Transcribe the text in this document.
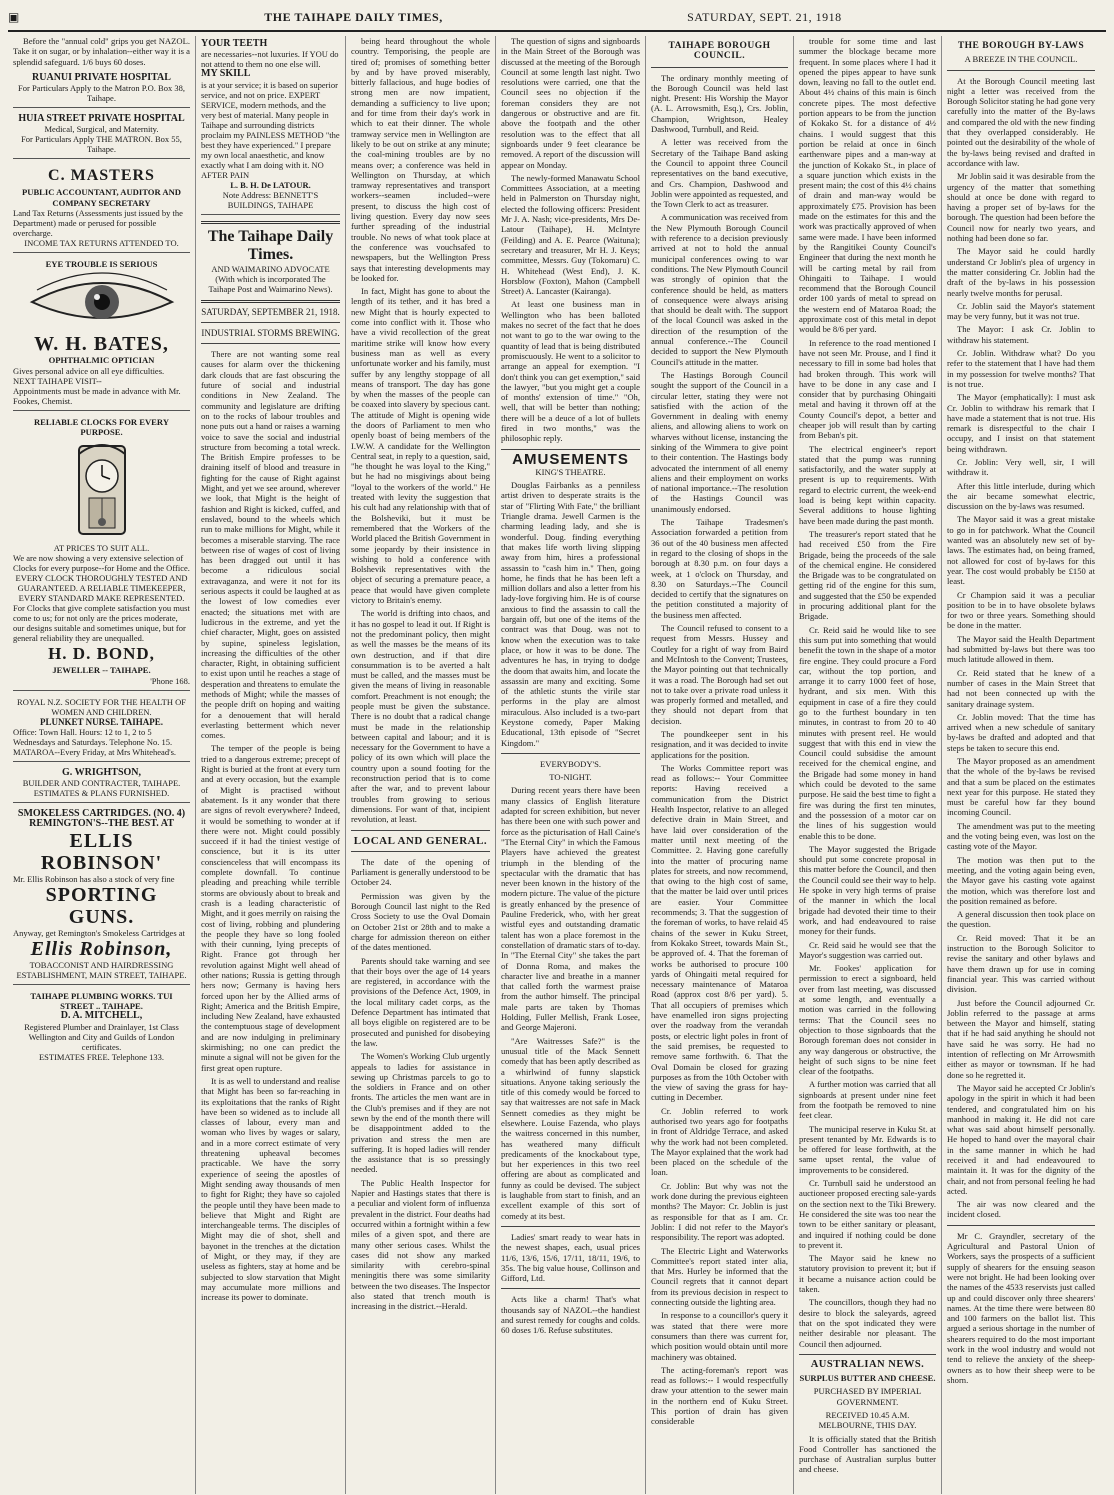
▣	THE TAIHAPE DAILY TIMES,	SATURDAY, SEPT. 21, 1918

Before the "annual cold" grips you get NAZOL. Take it on sugar, or by inhalation--either way it is a splendid safeguard. 1/6 buys 60 doses.

RUANUI PRIVATE HOSPITAL
For Particulars Apply to the Matron P.O. Box 38, Taihape.
HUIA STREET PRIVATE HOSPITAL
Medical, Surgical, and Maternity.
For Particulars Apply THE MATRON. Box 55, Taihape.
C. MASTERS
PUBLIC ACCOUNTANT, AUDITOR AND COMPANY SECRETARY
Land Tax Returns (Assessments just issued by the Department) made or perused for possible overcharge.
INCOME TAX RETURNS ATTENDED TO.
EYE TROUBLE IS SERIOUS
W. H. BATES,
OPHTHALMIC OPTICIAN
Gives personal advice on all eye difficulties.
NEXT TAIHAPE VISIT--
Appointments must be made in advance with Mr. Fookes, Chemist.
RELIABLE CLOCKS FOR EVERY PURPOSE.
AT PRICES TO SUIT ALL.
We are now showing a very extensive selection of Clocks for every purpose--for Home and the Office.
EVERY CLOCK THOROUGHLY TESTED AND GUARANTEED. A RELIABLE TIMEKEEPER, EVERY STANDARD MAKE REPRESENTED.
For Clocks that give complete satisfaction you must come to us; for not only are the prices moderate, our designs suitable and sometimes unique, but for general reliability they are unequalled.
H. D. BOND,
JEWELLER -- TAIHAPE.
'Phone 168.
ROYAL N.Z. SOCIETY FOR THE HEALTH OF WOMEN AND CHILDREN.
PLUNKET NURSE. TAIHAPE.
Office: Town Hall. Hours: 12 to 1, 2 to 5 Wednesdays and Saturdays. Telephone No. 15.
MATAROA--Every Friday, at Mrs Whitehead's.
G. WRIGHTSON,
BUILDER AND CONTRACTER, TAIHAPE.
ESTIMATES & PLANS FURNISHED.
SMOKELESS CARTRIDGES. (NO. 4)
REMINGTON'S--THE BEST. AT
ELLIS ROBINSON'
Mr. Ellis Robinson has also a stock of very fine
SPORTING GUNS.
Anyway, get Remington's Smokeless Cartridges at
Ellis Robinson,
TOBACCONIST AND HAIRDRESSING ESTABLISHMENT, MAIN STREET, TAIHAPE.
TAIHAPE PLUMBING WORKS. TUI STREET .. TAIHAPE.
D. A. MITCHELL,
Registered Plumber and Drainlayer, 1st Class Wellington and City and Guilds of London certificates.
ESTIMATES FREE. Telephone 133.
YOUR TEETH
are necessaries--not luxuries. If YOU do not attend to them no one else will.
MY SKILL
is at your service; it is based on superior service, and not on price. EXPERT SERVICE, modern methods, and the very best of material. Many people in Taihape and surrounding districts proclaim my PAINLESS METHOD "the best they have experienced." I prepare my own local anaesthetic, and know exactly what I am doing with it. NO AFTER PAIN
L. B. H. De LATOUR.
Note Address: BENNETT'S BUILDINGS, TAIHAPE
The Taihape Daily Times.
AND WAIMARINO ADVOCATE (With which is incorporated The Taihape Post and Waimarino News).
SATURDAY, SEPTEMBER 21, 1918.
INDUSTRIAL STORMS BREWING.

There are not wanting some real causes for alarm over the thickening dark clouds that are fast obscuring the future of social and industrial conditions in New Zealand. The community and legislature are drifting on to the rocks of labour troubles and none puts out a hand or raises a warning voice to save the social and industrial structure from becoming a total wreck. The British Empire professes to be draining itself of blood and treasure in fighting for the cause of Right against Might, and yet we see around, wherever we look, that Might is the height of fashion and Right is kicked, cuffed, and enslaved, bound to the wheels which run to make millions for Might, while it becomes a miserable starving. The race between rise of wages of cost of living has been dragged out until it has become a ridiculous social extravaganza, and were it not for its serious aspects it could be laughed at as the lowest of low comedies ever enacted; the situations met with are ludicrous in the extreme, and yet the chief character, Might, goes on assisted by supine, spineless legislation, increasing the difficulties of the other character, Right, in obtaining sufficient to exist upon until he reaches a stage of desperation and threatens to emulate the methods of Might; while the masses of the people drift on hoping and waiting for a denouement that will herald everlasting betterment which never comes.

The temper of the people is being tried to a dangerous extreme; precept of Right is buried at the front at every turn and at every occasion, but the example of Might is practised without abatement. Is it any wonder that there are signs of revolt everywhere? Indeed, it would be something to wonder at if there were not. Might could possibly succeed if it had the tiniest vestige of conscience, but it is its utter conscienceless that will encompass its complete downfall. To continue pleading and preaching while terrible storms are obviously about to break and crash is a leading characteristic of Might, and it goes merrily on raising the cost of living, robbing and plundering the people they have so long fooled with their cunning, lying precepts of Right. France got through her revolution against Might well ahead of other nations; Russia is getting through hers now; Germany is having hers forced upon her by the Allied arms of Right; America and the British Empire, including New Zealand, have exhausted the contemptuous stage of development and are now indulging in preliminary skirmishing; no one can predict the minute a signal will not be given for the first great open rupture.

It is as well to understand and realise that Might has been so far-reaching in its exploitations that the ranks of Right have been so widened as to include all classes of labour, every man and woman who lives by wages or salary, and in a more correct estimate of very threatening upheaval becomes practicable. We have the sorry experience of seeing the apostles of Might sending away thousands of men to fight for Right; they have so cajoled the people until they have been made to believe that Might and Right are interchangeable terms. The disciples of Might may die of shot, shell and bayonet in the trenches at the dictation of Might, or they may, if they are useless as fighters, stay at home and be subjected to slow starvation that Might may accumulate more millions and increase its power to dominate.

being heard throughout the whole country. Temporising, the people are tired of; promises of something better by and by have proved miserably, bitterly fallacious, and huge bodies of strong men are now impatient, demanding a sufficiency to live upon; and for time from their day's work in which to eat their dinner. The whole tramway service men in Wellington are likely to be out on strike at any minute; the coal-mining troubles are by no means over; a conference was held in Wellington on Thursday, at which tramway representatives and transport workers--seamen included--were present, to discuss the high cost of living question. Every day now sees further spreading of the industrial trouble. No news of what took place at the conference was vouchsafed to newspapers, but the Wellington Press says that interesting developments may be looked for.

In fact, Might has gone to about the length of its tether, and it has bred a new Might that is hourly expected to come into conflict with it. Those who have a vivid recollection of the great maritime strike will know how every business man as well as every unfortunate worker and his family, must suffer by any lengthy stoppage of all means of transport. The day has gone by when the masses of the people can be coaxed into slavery by specious cant. The attitude of Might is opening wide the doors of Parliament to men who openly boast of being members of the I.W.W. A candidate for the Wellington Central seat, in reply to a question, said, "he thought he was loyal to the King," but he had no misgivings about being "loyal to the workers of the world." He treated with levity the suggestion that his cult had any relationship with that of the Bolsheviki, but it must be remembered that the Workers of the World placed the British Government in some jeopardy by their insistence in wishing to hold a conference with Bolshevik representatives with the object of securing a premature peace, a peace that would have given complete victory to Britain's enemy.

The world is drifting into chaos, and it has no gospel to lead it out. If Right is not the predominant policy, then might as well the masses be the means of its own destruction, and if that dire consummation is to be averted a halt must be called, and the masses must be given the means of living in reasonable comfort. Preachment is not enough; the people must be given the substance. There is no doubt that a radical change must be made in the relationship between capital and labour; and it is necessary for the Government to have a policy of its own which will place the country upon a sound footing for the reconstruction period that is to come after the war, and to prevent labour troubles from growing to serious dimensions. For want of that, incipient revolution, at least.

LOCAL AND GENERAL.

The date of the opening of Parliament is generally understood to be October 24.

Permission was given by the Borough Council last night to the Red Cross Society to use the Oval Domain on October 21st or 28th and to make a charge for admission thereon on either of the dates mentioned.

Parents should take warning and see that their boys over the age of 14 years are registered, in accordance with the provisions of the Defence Act, 1909, in the local military cadet corps, as the Defence Department has intimated that all boys eligible on registered are to be prosecuted and punished for disobeying the law.

The Women's Working Club urgently appeals to ladies for assistance in sewing up Christmas parcels to go to the soldiers in France and on other fronts. The articles the men want are in the Club's premises and if they are not sewn by the end of the month there will be disappointment added to the privation and stress the men are suffering. It is hoped ladies will render the assistance that is so pressingly needed.

The Public Health Inspector for Napier and Hastings states that there is a peculiar and violent form of influenza prevalent in the district. Four deaths had occurred within a fortnight within a few miles of a given spot, and there are many other serious cases. Whilst the cases did not show any marked similarity with cerebro-spinal meningitis there was some similarity between the two diseases. The Inspector also stated that trench mouth is increasing in the district.--Herald.

The question of signs and signboards in the Main Street of the Borough was discussed at the meeting of the Borough Council at some length last night. Two resolutions were carried, one that the Council sees no objection if the foreman considers they are not dangerous or obstructive and are fit. above the footpath and the other resolution was to the effect that all signboards under 9 feet clearance be removed. A report of the discussion will appear on Monday.

The newly-formed Manawatu School Committees Association, at a meeting held in Palmerston on Thursday night, elected the following officers: President Mr J. A. Nash; vice-presidents, Mrs De-Latour (Taihape), H. McIntyre (Feilding) and A. E. Pearce (Waituna); secretary and treasurer, Mr H. J. Keys; committee, Messrs. Guy (Tokomaru) C. H. Whitehead (West End), J. K. Horsblow (Foxton), Mahon (Campbell Street) A. Lancaster (Kairanga).

At least one business man in Wellington who has been balloted makes no secret of the fact that he does not want to go to the war owing to the quantity of lead that is being distributed promiscuously. He went to a solicitor to arrange an appeal for exemption. "I don't think you can get exemption," said the lawyer, "but you might get a couple of months' extension of time." "Oh, well, that will be better than nothing; there will be a deuce of a lot of bullets fired in two months," was the philosophic reply.

AMUSEMENTS
KING'S THEATRE.

Douglas Fairbanks as a penniless artist driven to desperate straits is the star of "Flirting With Fate," the brilliant Triangle drama. Jewell Carmen is the charming leading lady, and she is wonderful. Doug. finding everything that makes life worth living slipping away from him, hires a professional assassin to "cash him in." Then, going home, he finds that he has been left a million dollars and also a letter from his lady-love forgiving him. He is of course anxious to find the assassin to call the bargain off, but one of the items of the contract was that Doug. was not to know when the execution was to take place, or how it was to be done. The adventures he has, in trying to dodge the doom that awaits him, and locate the assassin are many and exciting. Some of the athletic stunts the virile star performs in the play are almost miraculous. Also included is a two-part Keystone comedy, Paper Making Educational, 13th episode of "Secret Kingdom."

EVERYBODY'S.
TO-NIGHT.

During recent years there have been many classics of English literature adapted for screen exhibition, but never has there been one with such power and force as the picturisation of Hall Caine's "The Eternal City" in which the Famous Players have achieved the greatest triumph in the blending of the spectacular with the dramatic that has never been known in the history of the modern picture. The value of the picture is greatly enhanced by the presence of Pauline Frederick, who, with her great wistful eyes and outstanding dramatic talent has won a place foremost in the constellation of dramatic stars of to-day. In "The Eternal City" she takes the part of Donna Roma, and makes the character live and breathe in a manner that called forth the warmest praise from the author himself. The principal male parts are taken by Thomas Holding, Fuller Mellish, Frank Losee, and George Majeroni.

"Are Waitresses Safe?" is the unusual title of the Mack Sennett comedy that has been aptly described as a whirlwind of funny slapstick situations. Anyone taking seriously the title of this comedy would be forced to say that waitresses are not safe in Mack Sennett comedies as they might be elsewhere. Louise Fazenda, who plays the waitress concerned in this number, has weathered many difficult predicaments of the knockabout type, but her experiences in this two reel offering are about as complicated and funny as could be devised. The subject is laughable from start to finish, and an excellent example of this sort of comedy at its best.

Ladies' smart ready to wear hats in the newest shapes, each, usual prices 11/6, 13/6, 15/6, 17/11, 18/11, 19/6, to 35s. The big value house, Collinson and Gifford, Ltd.

Acts like a charm! That's what thousands say of NAZOL--the handiest and surest remedy for coughs and colds. 60 doses 1/6. Refuse substitutes.

TAIHAPE BOROUGH COUNCIL.

The ordinary monthly meeting of the Borough Council was held last night. Present: His Worship the Mayor (A. L. Arrowsmith, Esq.), Crs. Joblin, Champion, Wrightson, Healey Dashwood, Turnbull, and Reid.

A letter was received from the Secretary of the Taihape Band asking the Council to appoint three Council representatives on the band executive, and Crs. Champion, Dashwood and Joblin were appointed as requested, and the Town Clerk to act as treasurer.

A communication was received from the New Plymouth Borough Council with reference to a decision previously arrived at not to hold the annual municipal conferences owing to war conditions. The New Plymouth Council was strongly of opinion that the conference should be held, as matters of consequence were always arising that should be dealt with. The support of the local Council was asked in the direction of the resumption of the annual conference.--The Council decided to support the New Plymouth Council's attitude in the matter.

The Hastings Borough Council sought the support of the Council in a circular letter, stating they were not satisfied with the action of the Government in dealing with enemy aliens, and allowing aliens to work on wharves without license, instancing the sinking of the Wimmera to give point to their contention. The Hastings body advocated the internment of all enemy aliens and their employment on works of national importance.--The resolution of the Hastings Council was unanimously endorsed.

The Taihape Tradesmen's Association forwarded a petition from 36 out of the 40 business men affected in regard to the closing of shops in the borough at 8.30 p.m. on four days a week, at 1 o'clock on Thursday, and 8.30 on Saturdays.--The Council decided to certify that the signatures on the petition constituted a majority of the business men affected.

The Council refused to consent to a request from Messrs. Hussey and Coutley for a right of way from Baird and McIntosh to the Convent; Trustees, the Mayor pointing out that technically it was a road. The Borough had set out not to take over a private road unless it was properly formed and metalled, and they should not depart from that decision.

The poundkeeper sent in his resignation, and it was decided to invite applications for the position.

The Works Committee report was read as follows:-- Your Committee reports: Having received a communication from the District Health Inspector, relative to an alleged defective drain in Main Street, and have laid over consideration of the matter until next meeting of the Committee. 2. Having gone carefully into the matter of procuring name plates for streets, and now recommend, that owing to the high cost of same, that the matter be laid over until prices are easier. Your Committee recommends; 3. That the suggestion of the foreman of works, to have relaid 45 chains of the sewer in Kuku Street, from Kokako Street, towards Main St., be approved of. 4. That the foreman of works be authorised to procure 100 yards of Ohingaiti metal required for necessary maintenance of Mataroa Road (approx cost 8/6 per yard). 5. That all occupiers of premises which have enamelled iron signs projecting over the roadway from the verandah posts, or electric light poles in front of the said premises, be requested to remove same forthwith. 6. That the Oval Domain be closed for grazing purposes as from the 10th October with the view of saving the grass for hay-cutting in December.

Cr. Joblin referred to work authorised two years ago for footpaths in front of Aldridge Terrace, and asked why the work had not been completed. The Mayor explained that the work had been placed on the schedule of the loan.

Cr. Joblin: But why was not the work done during the previous eighteen months? The Mayor: Cr. Joblin is just as responsible for that as I am. Cr. Joblin: I did not refer to the Mayor's responsibility. The report was adopted.

The Electric Light and Waterworks Committee's report stated inter alia, that Mrs. Hurley be informed that the Council regrets that it cannot depart from its previous decision in respect to connecting outside the lighting area.

In response to a councillor's query it was stated that there were more consumers than there was current for, which position would obtain until more machinery was obtained.

The acting-foreman's report was read as follows:-- I would respectfully draw your attention to the sewer main in the northern end of Kuku Street. This portion of drain has given considerable

trouble for some time and last summer the blockage became more frequent. In some places where I had it opened the pipes appear to have sunk down, leaving no fall to the outlet end. About 4½ chains of this main is 6inch concrete pipes. The most defective portion appears to be from the junction of Kokako St. for a distance of 4½ chains. I would suggest that this portion be relaid at once in 6inch earthenware pipes and a man-way at the junction of Kokako St., in place of a square junction which exists in the present main; the cost of this 4½ chains of drain and man-way would be approximately £75. Provision has been made on the estimates for this and the work was practically approved of when same were made. I have been informed by the Rangitikei County Council's Engineer that during the next month he will be carting metal by rail from Ohingaiti to Taihape. I would recommend that the Borough Council order 100 yards of metal to spread on the western end of Mataroa Road; the approximate cost of this metal in depot would be 8/6 per yard.

In reference to the road mentioned I have not seen Mr. Prouse, and I find it necessary to fill in some bad holes that had broken through. This work will have to be done in any case and I consider that by purchasing Ohingaiti metal and having it thrown off at the County Council's depot, a better and cheaper job will result than by carting from Beban's pit.

The electrical engineer's report stated that the pump was running satisfactorily, and the water supply at present is up to requirements. With regard to electric current, the week-end load is being kept within capacity. Several additions to house lighting have been made during the past month.

The treasurer's report stated that he had received £50 from the Fire Brigade, being the proceeds of the sale of the chemical engine. He considered the Brigade was to be congratulated on getting rid of the engine for this sum, and suggested that the £50 be expended in procuring additional plant for the Brigade.

Cr. Reid said he would like to see this sum put into something that would benefit the town in the shape of a motor fire engine. They could procure a Ford car, without the top portion, and arrange it to carry 1000 feet of hose, hydrant, and six men. With this equipment in case of a fire they could go to the furthest boundary in ten minutes, in contrast to from 20 to 40 minutes with present reel. He would suggest that with this end in view the Council could subsidise the amount received for the chemical engine, and the Brigade had some money in hand which could be devoted to the same purpose. He said the best time to fight a fire was during the first ten minutes, and the possession of a motor car on the lines of his suggestion would enable this to be done.

The Mayor suggested the Brigade should put some concrete proposal in this matter before the Council, and then the Council could see their way to help. He spoke in very high terms of praise of the manner in which the local brigade had devoted their time to their work, and had endeavoured to raise money for their funds.

Cr. Reid said he would see that the Mayor's suggestion was carried out.

Mr. Fookes' application for permission to erect a signboard, held over from last meeting, was discussed at some length, and eventually a motion was carried in the following terms: That the Council sees no objection to those signboards that the Borough foreman does not consider in any way dangerous or obstructive, the height of such signs to be nine feet clear of the footpaths.

A further motion was carried that all signboards at present under nine feet from the footpath be removed to nine feet clear.

The municipal reserve in Kuku St. at present tenanted by Mr. Edwards is to be offered for lease forthwith, at the same upset rental, the value of improvements to be considered.

Cr. Turnbull said he understood an auctioneer proposed erecting sale-yards on the section next to the Tiki Brewery. He considered the site was too near the town to be either sanitary or pleasant, and inquired if nothing could be done to prevent it.

The Mayor said he knew no statutory provision to prevent it; but if it became a nuisance action could be taken.

The councillors, though they had no desire to block the saleyards, agreed that on the spot indicated they were neither desirable nor pleasant. The Council then adjourned.

AUSTRALIAN NEWS.
SURPLUS BUTTER AND CHEESE.
PURCHASED BY IMPERIAL GOVERNMENT.
RECEIVED 10.45 A.M. MELBOURNE, THIS DAY.

It is officially stated that the British Food Controller has sanctioned the purchase of Australian surplus butter and cheese.

THE BOROUGH BY-LAWS
A BREEZE IN THE COUNCIL.

At the Borough Council meeting last night a letter was received from the Borough Solicitor stating he had gone very carefully into the matter of the By-laws and compared the old with the new finding that they overlapped considerably. He pointed out the desirability of the whole of the by-laws being revised and drafted in accordance with law.

Mr Joblin said it was desirable from the urgency of the matter that something should at once be done with regard to having a proper set of by-laws for the borough. The question had been before the Council now for nearly two years, and nothing had been done so far.

The Mayor said he could hardly understand Cr Joblin's plea of urgency in the matter considering Cr. Joblin had the draft of the by-laws in his possession nearly twelve months for perusal.

Cr. Joblin said the Mayor's statement may be very funny, but it was not true.

The Mayor: I ask Cr. Joblin to withdraw his statement.

Cr. Joblin. Withdraw what? Do you refer to the statement that I have had them in my possession for twelve months? That is not true.

The Mayor (emphatically): I must ask Cr. Joblin to withdraw his remark that I have made a statement that is not true. His remark is disrespectful to the chair I occupy, and I insist on that statement being withdrawn.

Cr. Joblin: Very well, sir, I will withdraw it.

After this little interlude, during which the air became somewhat electric, discussion on the by-laws was resumed.

The Mayor said it was a great mistake to go in for patchwork. What the Council wanted was an absolutely new set of by-laws. The estimates had, on being framed, not allowed for cost of by-laws for this year. The cost would probably be £150 at least.

Cr Champion said it was a peculiar position to be in to have obsolete bylaws for two or three years. Something should be done in the matter.

The Mayor said the Health Department had submitted by-laws but there was too much latitude allowed in them.

Cr. Reid stated that he knew of a number of cases in the Main Street that had not been connected up with the sanitary drainage system.

Cr. Joblin moved: That the time has arrived when a new schedule of sanitary by-laws be drafted and adopted and that steps be taken to secure this end.

The Mayor proposed as an amendment that the whole of the by-laws be revised and that a sum be placed on the estimates next year for this purpose. He stated they must be careful how far they bound incoming Council.

The amendment was put to the meeting and the voting being even, was lost on the casting vote of the Mayor.

The motion was then put to the meeting, and the voting again being even, the Mayor gave his casting vote against the motion, which was therefore lost and the position remained as before.

A general discussion then took place on the question.

Cr. Reid moved: That it be an instruction to the Borough Solicitor to revise the sanitary and other bylaws and have them drawn up for use in coming financial year. This was carried without division.

Just before the Council adjourned Cr. Joblin referred to the passage at arms between the Mayor and himself, stating that if he had said anything he should not have said he was sorry. He had no intention of reflecting on Mr Arrowsmith either as mayor or townsman. If he had done so he regretted it.

The Mayor said he accepted Cr Joblin's apology in the spirit in which it had been tendered, and congratulated him on his manhood in making it. He did not care what was said about himself personally. He hoped to hand over the mayoral chair in the same manner in which he had received it and had endeavoured to maintain it. It was for the dignity of the chair, and not from personal feeling he had acted.

The air was now cleared and the incident closed.

Mr C. Grayndler, secretary of the Agricultural and Pastoral Union of Workers, says the prospects of a sufficient supply of shearers for the ensuing season were not bright. He had been looking over the names of the 4533 reservists just called up and could discover only three shearers' names. At the time there were between 80 and 100 farmers on the ballot list. This argued a serious shortage in the number of shearers required to do the most important work in the wool industry and would not tend to relieve the anxiety of the sheep-owners as to how their sheep were to be shorn.
